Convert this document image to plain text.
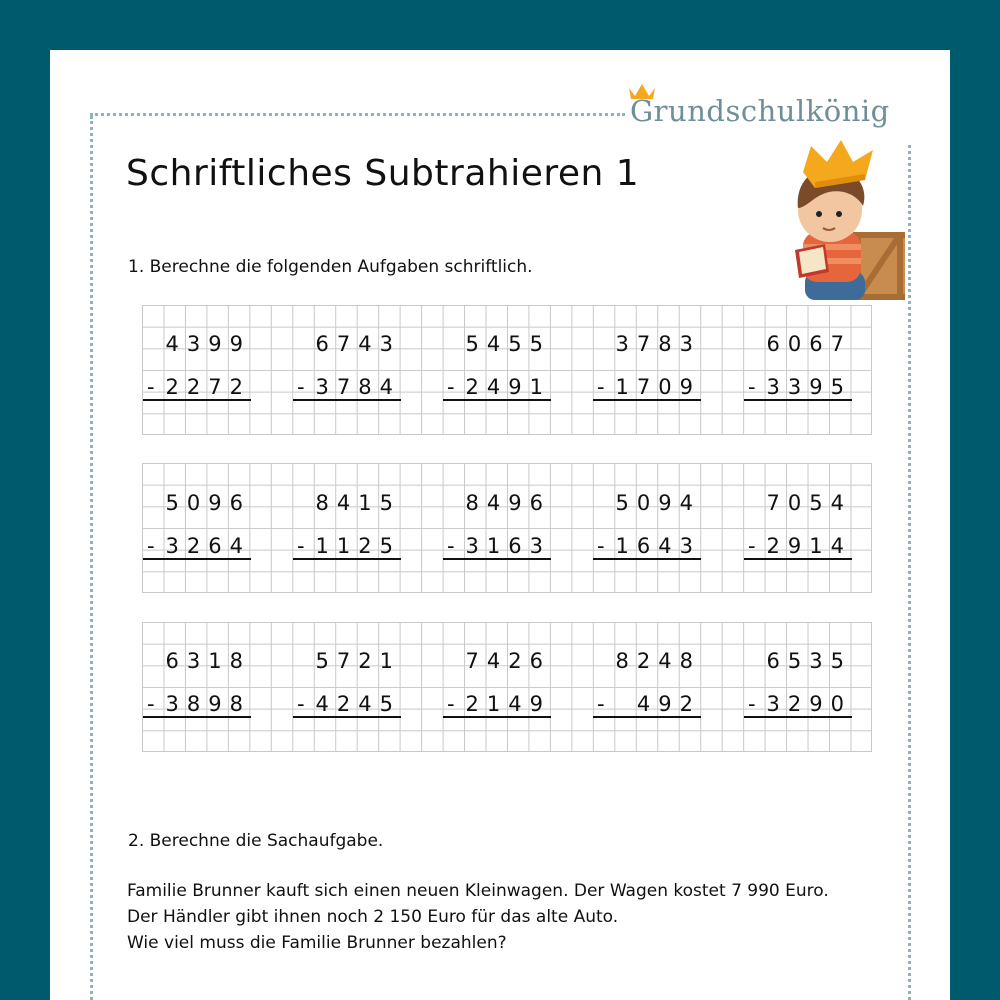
Grundschulkönig
Schriftliches Subtrahieren 1
1. Berechne die folgenden Aufgaben schriftlich.
4399
- 2272
6743
- 3784
5455
- 2491
3783
- 1709
6067
- 3395
5096
- 3264
8415
- 1125
8496
- 3163
5094
- 1643
7054
- 2914
6318
- 3898
5721
- 4245
7426
- 2149
8248
- 492
6535
- 3290
2. Berechne die Sachaufgabe.
Familie Brunner kauft sich einen neuen Kleinwagen. Der Wagen kostet 7 990 Euro.
Der Händler gibt ihnen noch 2 150 Euro für das alte Auto.
Wie viel muss die Familie Brunner bezahlen?
